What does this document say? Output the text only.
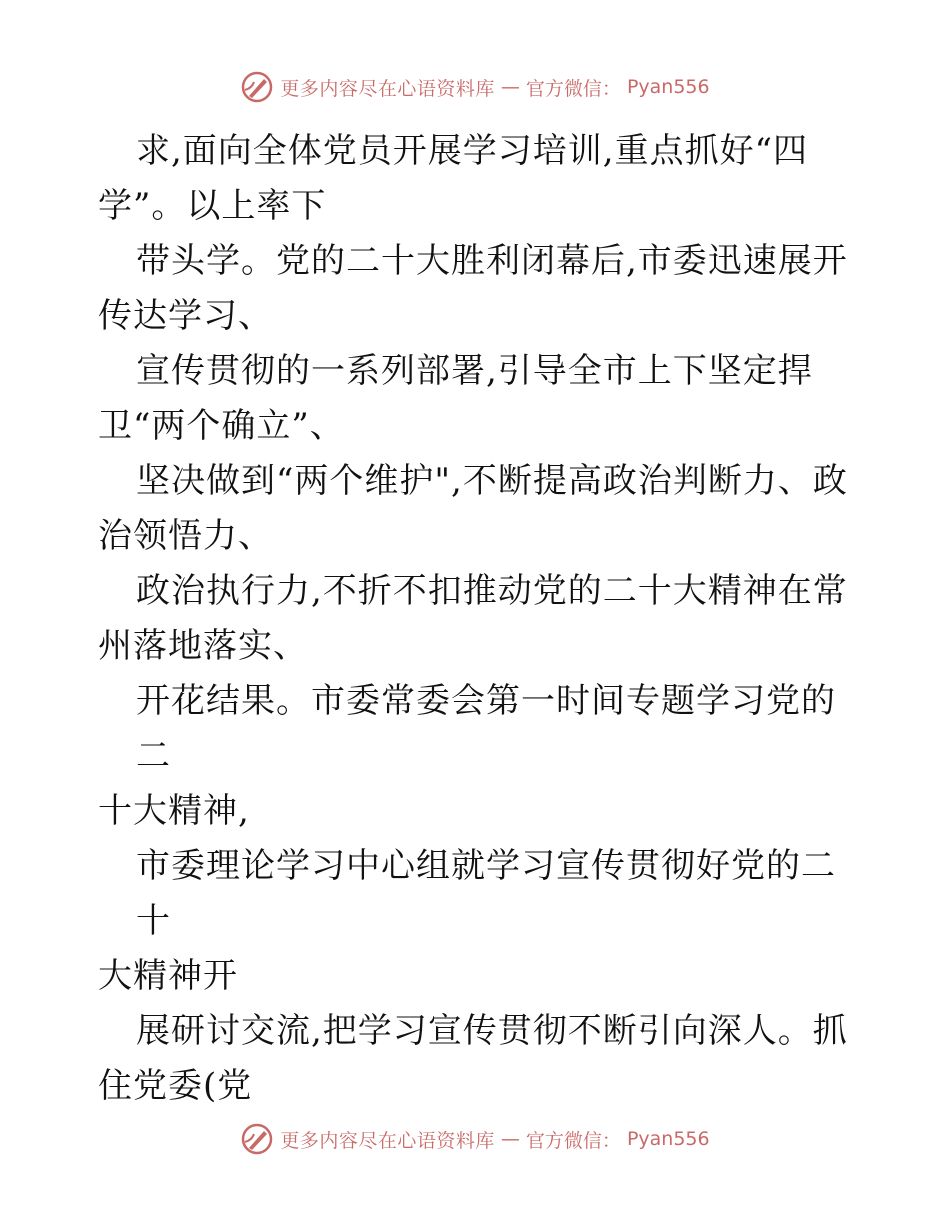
更多内容尽在心语资料库 — 官方微信： Pyan556

求,面向全体党员开展学习培训,重点抓好“四
学”。以上率下

带头学。党的二十大胜利闭幕后,市委迅速展开
传达学习、

宣传贯彻的一系列部署,引导全市上下坚定捍
卫“两个确立”、

坚决做到“两个维护",不断提高政治判断力、政
治领悟力、

政治执行力,不折不扣推动党的二十大精神在常
州落地落实、

开花结果。市委常委会第一时间专题学习党的二
十大精神,

市委理论学习中心组就学习宣传贯彻好党的二十
大精神开

展研讨交流,把学习宣传贯彻不断引向深人。抓
住党委(党

更多内容尽在心语资料库 — 官方微信： Pyan556
